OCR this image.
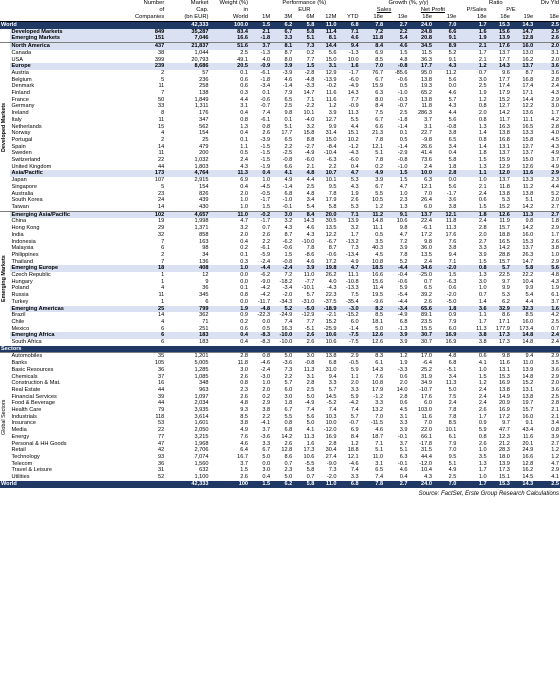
		Number	Market	Weight (%)	Performance (%)					Growth (%, y/y)				Ratio			Div Yld
		of	Cap.	in	EUR					Sales		Net Profit		P/Sales	P/E		
		Companies	(bn EUR)	World	1M	3M	6M	12M	YTD	18e	19e	18e	19e	18e	18e	19e	18e
World			42,333	100.0	1.5	6.2	5.8	11.0	6.8	7.8	2.7	24.0	7.0	1.7	15.3	14.3	2.5
	Developed Markets	849	35,287	83.4	2.1	6.7	5.8	11.4	7.1	7.2	2.2	24.8	6.6	1.6	15.6	14.7	2.5
	Emerging Markets	151	7,046	16.6	-1.8	3.3	5.1	8.1	4.6	11.8	5.4	20.8	9.1	1.9	13.9	12.8	2.6

Developed Markets	North America	437	21,837	51.6	3.7	8.1	7.3	14.4	9.4	8.4	4.6	34.5	8.9	2.1	17.6	16.0	2.0
	Canada	38	1,044	2.5	-1.3	8.7	0.2	5.6	-1.3	6.9	1.5	11.5	5.2	1.7	13.7	13.0	3.1
	USA	399	20,793	49.1	4.0	8.0	7.7	15.0	10.0	8.5	4.8	36.3	9.1	2.1	17.7	16.2	2.0
	Europe	239	8,686	20.5	-0.9	3.9	1.5	3.1	1.6	7.0	-0.8	17.7	4.3	1.2	14.3	13.7	3.6
	Austria	2	57	0.1	-6.1	-3.9	-2.8	12.9	-1.7	76.7	-85.6	95.0	11.2	0.7	9.6	8.7	3.6
	Belgium	5	236	0.6	-1.8	4.6	-4.8	-13.9	-6.0	6.7	-0.6	13.8	5.6	3.0	17.7	16.8	2.8
	Denmark	11	258	0.6	-3.4	-1.4	-3.3	-0.2	-4.9	15.9	0.5	19.3	0.0	2.5	17.4	17.4	2.4
	Finland	7	138	0.3	0.1	7.9	14.7	11.6	14.3	6.3	-1.0	65.2	4.6	1.9	17.9	17.1	4.3
	France	50	1,849	4.4	-0.6	6.5	7.1	11.6	7.7	8.0	-0.3	13.8	5.7	1.2	15.2	14.4	2.9
	Germany	33	1,311	3.1	-0.7	2.5	-2.2	1.2	-0.9	8.4	-0.7	11.8	4.3	0.8	12.7	12.2	3.0
	Ireland	8	176	0.4	7.4	9.8	10.1	3.9	11.3	7.5	2.5	286.3	4.4	2.0	14.2	13.6	1.7
	Italy	11	347	0.8	-6.1	0.1	-4.0	12.7	5.5	6.7	-1.8	3.7	5.6	0.8	11.7	11.1	4.2
	Netherlands	15	562	1.3	0.8	5.1	3.2	9.9	4.4	6.6	-1.4	3.1	-0.8	1.3	16.3	16.5	2.8
	Norway	4	154	0.4	2.6	17.7	15.8	31.4	15.1	21.3	0.1	22.7	3.8	1.4	13.8	13.3	4.0
	Portugal	2	25	0.1	-3.9	6.5	8.8	15.0	10.2	7.8	0.5	-9.8	6.5	0.8	16.8	15.8	4.5
	Spain	14	479	1.1	-1.5	2.2	-2.7	-8.4	-1.2	12.1	-1.4	26.6	3.4	1.4	13.1	12.7	4.3
	Sweden	11	200	0.5	-1.5	-2.5	-4.9	-10.4	-4.3	5.1	-2.9	41.4	0.4	1.8	13.7	13.7	4.9
	Switzerland	22	1,032	2.4	-1.5	-0.8	-6.0	-6.3	-6.0	7.8	-0.8	73.6	5.8	1.5	15.9	15.0	3.7
	United Kingdom	44	1,803	4.3	-1.9	6.6	2.1	2.2	0.4	0.2	-1.0	2.4	1.8	1.3	12.9	12.6	4.9
	Asia/Pacific	173	4,764	11.3	0.4	4.1	4.8	10.7	4.7	4.9	1.5	10.0	2.8	1.1	12.0	11.6	2.9
	Japan	107	2,915	6.9	1.0	4.9	4.4	10.1	5.3	3.9	1.5	6.3	0.0	1.0	13.7	13.3	2.3
	Singapore	5	154	0.4	-4.5	-1.4	2.5	9.5	4.3	6.7	4.7	12.1	5.6	2.1	11.8	11.2	4.4
	Australia	23	826	2.0	-0.5	6.8	4.8	7.8	1.9	5.5	1.0	7.0	-1.7	2.4	13.8	13.8	5.2
	South Korea	24	439	1.0	-1.7	-1.0	3.4	17.9	2.6	10.5	2.3	26.4	3.6	0.6	5.3	5.1	2.0
	Taiwan	14	430	1.0	1.5	-0.1	5.4	5.8	5.3	1.2	1.3	6.0	3.8	1.5	15.2	14.2	2.7

Emerging Markets	Emerging Asia/Pacific	102	4,657	11.0	-0.2	3.0	8.4	20.0	7.1	11.2	9.1	13.7	12.1	1.8	12.6	11.3	2.7
	China	19	1,998	4.7	-1.7	3.2	14.3	30.5	13.9	14.8	10.6	22.4	11.8	2.4	11.9	9.8	1.8
	Hong Kong	29	1,371	3.2	0.7	4.3	4.6	13.5	3.2	11.1	9.8	-6.1	11.3	2.8	15.7	14.2	2.9
	India	32	858	2.0	2.6	8.7	4.3	12.2	1.7	0.5	4.7	17.2	17.6	2.0	18.8	16.0	1.7
	Indonesia	7	163	0.4	2.2	-6.2	-10.0	-6.7	-13.2	3.5	7.2	9.8	7.6	2.7	16.5	15.3	2.6
	Malaysia	6	98	0.2	-6.1	-0.6	7.8	8.7	7.3	40.3	3.9	36.0	3.8	3.3	14.2	13.7	3.8
	Philippines	2	34	0.1	-5.9	1.5	-8.6	-0.6	-13.4	4.5	7.8	13.5	9.4	3.9	28.8	26.3	1.0
	Thailand	7	136	0.3	-2.4	-0.8	4.6	17.2	4.9	10.8	5.2	2.4	7.1	1.5	15.7	14.7	2.9
	Emerging Europe	18	408	1.0	-4.4	-2.4	3.9	19.8	4.7	18.5	-4.4	34.6	-2.0	0.8	5.7	5.8	5.6
	Czech Republic	1	12	0.0	-6.2	7.2	11.0	26.2	11.1	16.6	-0.4	-25.0	1.5	1.3	22.5	22.2	4.8
	Hungary	1	9	0.0	-9.0	-18.2	-7.7	4.0	-10.8	15.6	-0.6	0.7	-6.3	3.0	9.7	10.4	4.3
	Poland	4	36	0.1	-4.2	-3.4	-10.1	-4.3	-13.3	11.4	5.9	6.5	0.6	1.0	9.9	9.9	1.9
	Russia	11	345	0.8	-4.2	-2.0	5.7	22.3	7.5	19.5	-5.4	39.2	-2.0	0.7	5.3	5.4	6.1
	Turkey	1	6	0.0	-11.7	-34.3	-31.0	-37.5	-35.4	-9.6	-4.4	2.6	-5.0	1.4	6.2	4.4	3.7
	Emerging Americas	25	799	1.9	-4.8	5.2	-5.0	-18.9	-3.0	8.2	-3.4	65.6	1.8	3.6	32.9	32.3	1.6
	Brazil	14	362	0.9	-22.3	-24.9	-12.9	-2.1	-15.2	8.5	-4.9	89.1	0.9	1.1	8.6	8.5	4.2
	Chile	4	71	0.2	0.0	7.4	7.7	15.2	6.0	18.1	6.8	23.5	7.9	1.7	17.1	16.0	2.5
	Mexico	6	251	0.6	0.5	16.3	-5.1	-25.9	-1.4	5.0	-1.3	15.5	6.0	11.3	177.9	173.4	0.7
	Emerging Africa	6	183	0.4	-8.3	-10.0	2.6	10.6	-7.5	12.6	3.9	30.7	16.9	3.8	17.3	14.8	2.4
	South Africa	6	183	0.4	-8.3	-10.0	2.6	10.6	-7.5	12.6	3.9	30.7	16.9	3.8	17.3	14.8	2.4
Sectors																	

Global Sectors	Automobiles	35	1,201	2.8	0.8	5.0	3.0	13.8	2.9	8.3	1.2	17.0	4.8	0.6	9.8	9.4	2.9
	Banks	105	5,005	11.8	-4.6	-3.6	-0.8	6.8	-0.5	6.1	1.9	-6.4	6.8	4.1	11.6	11.0	3.5
	Basic Resources	36	1,285	3.0	-2.4	7.3	11.3	31.0	5.9	14.3	-3.3	25.2	-5.1	1.0	13.1	13.9	3.6
	Chemicals	37	1,085	2.6	-3.0	2.2	3.1	9.4	1.1	7.6	0.6	31.9	3.4	1.5	15.3	14.8	2.9
	Construction & Mat.	16	348	0.8	1.0	5.7	2.8	3.3	2.0	10.8	2.0	34.9	11.3	1.2	16.9	15.2	2.0
	Real Estate	44	963	2.3	2.0	6.0	2.5	5.7	3.3	17.9	14.0	-10.7	5.0	2.4	13.8	13.1	3.6
	Financial Services	39	1,097	2.6	0.2	3.0	5.0	14.5	5.9	-1.2	2.8	17.6	7.5	2.4	14.9	13.8	2.5
	Food & Beverage	44	2,034	4.8	2.9	1.8	-4.9	-5.2	-4.2	3.3	0.6	6.0	2.4	2.4	20.9	19.7	2.8
	Health Care	79	3,935	9.3	3.8	6.7	7.4	7.4	7.4	13.2	4.5	103.0	7.8	2.6	16.9	15.7	2.1
	Industrials	118	3,614	8.5	2.2	5.5	5.6	10.3	5.7	7.0	3.1	11.6	7.8	1.7	17.2	16.0	2.1
	Insurance	53	1,601	3.8	-4.1	0.8	5.0	10.0	-0.7	-11.5	3.3	7.0	8.5	0.9	9.7	9.1	3.4
	Media	22	2,050	4.9	3.7	6.8	4.1	-12.0	6.9	4.6	3.9	22.0	10.1	5.9	47.7	43.4	0.8
	Energy	77	3,215	7.6	-3.6	14.2	11.3	16.9	8.4	18.7	-0.1	66.1	6.1	0.8	12.3	11.6	3.9
	Personal & HH Goods	47	1,968	4.6	3.3	2.6	1.6	2.8	1.2	7.1	3.7	-17.8	7.9	2.6	21.2	20.1	2.7
	Retail	42	2,706	6.4	6.7	12.8	17.3	30.4	18.8	5.1	5.1	31.5	7.0	1.0	28.3	24.9	1.2
	Technology	93	7,074	16.7	5.0	8.6	10.6	27.4	12.1	11.0	6.3	44.4	9.5	3.5	18.0	16.6	1.2
	Telecom	36	1,560	3.7	0.0	0.7	-5.5	-9.0	-4.6	3.1	-0.1	-12.0	5.1	1.3	13.9	12.8	4.7
	Travel & Leisure	31	632	1.5	3.0	2.3	5.8	7.3	7.4	6.5	4.6	10.4	4.9	1.7	17.3	16.2	2.9
	Utilities	52	1,100	2.6	0.4	5.0	0.7	-2.0	3.3	7.4	0.4	4.3	2.5	1.0	15.1	14.5	4.1
World			42,333	100	1.5	6.2	5.8	11.0	6.8	7.8	2.7	24.0	7.0	1.7	15.3	14.3	2.5
Source: FactSet, Erste Group Research Calculations																	
